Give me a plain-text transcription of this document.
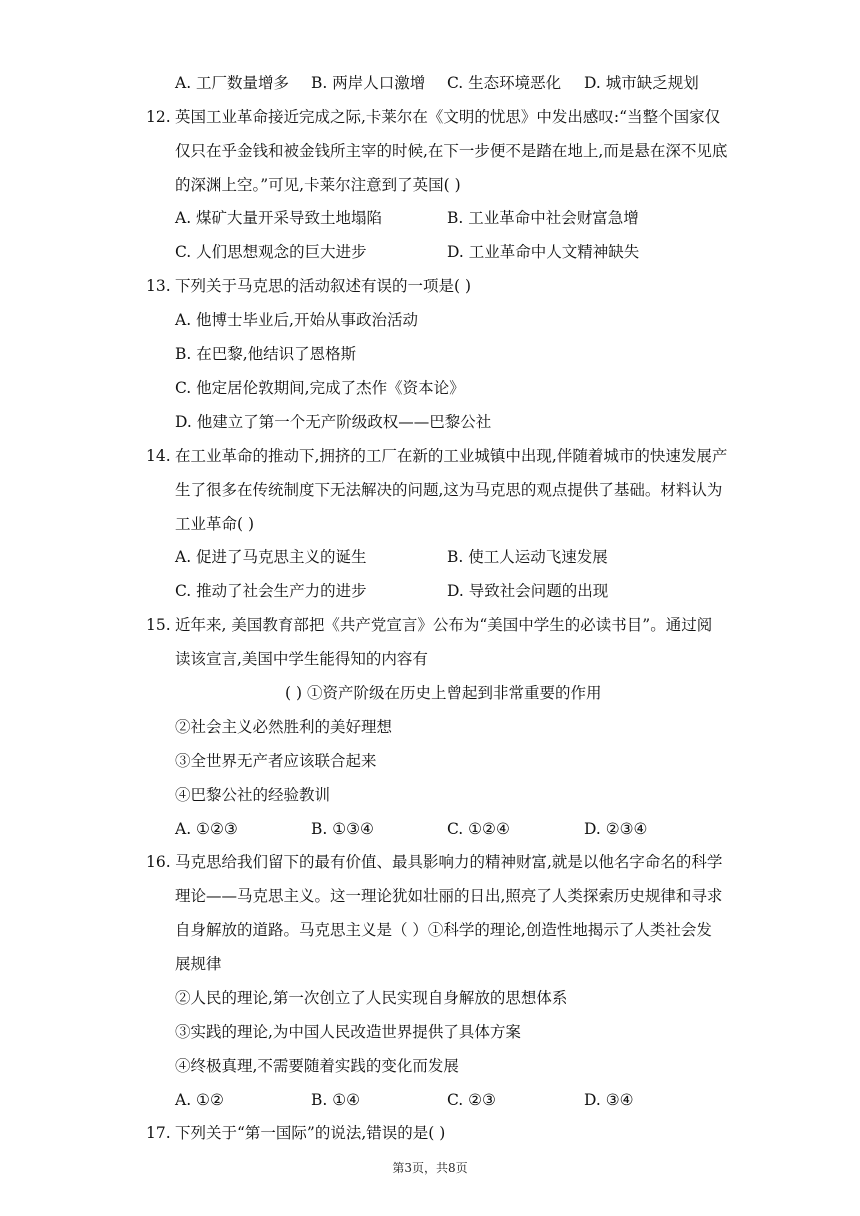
A. 工厂数量增多 B. 两岸人口激增 C. 生态环境恶化 D. 城市缺乏规划
12. 英国工业革命接近完成之际,卡莱尔在《文明的忧思》中发出感叹:“当整个国家仅
仅只在乎金钱和被金钱所主宰的时候,在下一步便不是踏在地上,而是悬在深不见底
的深渊上空。”可见,卡莱尔注意到了英国( )
A. 煤矿大量开采导致土地塌陷	B. 工业革命中社会财富急增
C. 人们思想观念的巨大进步	D. 工业革命中人文精神缺失
13. 下列关于马克思的活动叙述有误的一项是( )
A. 他博士毕业后,开始从事政治活动
B. 在巴黎,他结识了恩格斯
C. 他定居伦敦期间,完成了杰作《资本论》
D. 他建立了第一个无产阶级政权——巴黎公社
14. 在工业革命的推动下,拥挤的工厂在新的工业城镇中出现,伴随着城市的快速发展产
生了很多在传统制度下无法解决的问题,这为马克思的观点提供了基础。材料认为
工业革命( )
A. 促进了马克思主义的诞生	B. 使工人运动飞速发展
C. 推动了社会生产力的进步	D. 导致社会问题的出现
15. 近年来, 美国教育部把《共产党宣言》公布为“美国中学生的必读书目”。通过阅
读该宣言,美国中学生能得知的内容有
( ) ①资产阶级在历史上曾起到非常重要的作用
②社会主义必然胜利的美好理想
③全世界无产者应该联合起来
④巴黎公社的经验教训
A. ①②③	B. ①③④	C. ①②④	D. ②③④
16. 马克思给我们留下的最有价值、最具影响力的精神财富,就是以他名字命名的科学
理论——马克思主义。这一理论犹如壮丽的日出,照亮了人类探索历史规律和寻求
自身解放的道路。马克思主义是（ ）①科学的理论,创造性地揭示了人类社会发
展规律
②人民的理论,第一次创立了人民实现自身解放的思想体系
③实践的理论,为中国人民改造世界提供了具体方案
④终极真理,不需要随着实践的变化而发展
A. ①②	B. ①④	C. ②③	D. ③④
17. 下列关于“第一国际”的说法,错误的是( )
第3页，共8页
